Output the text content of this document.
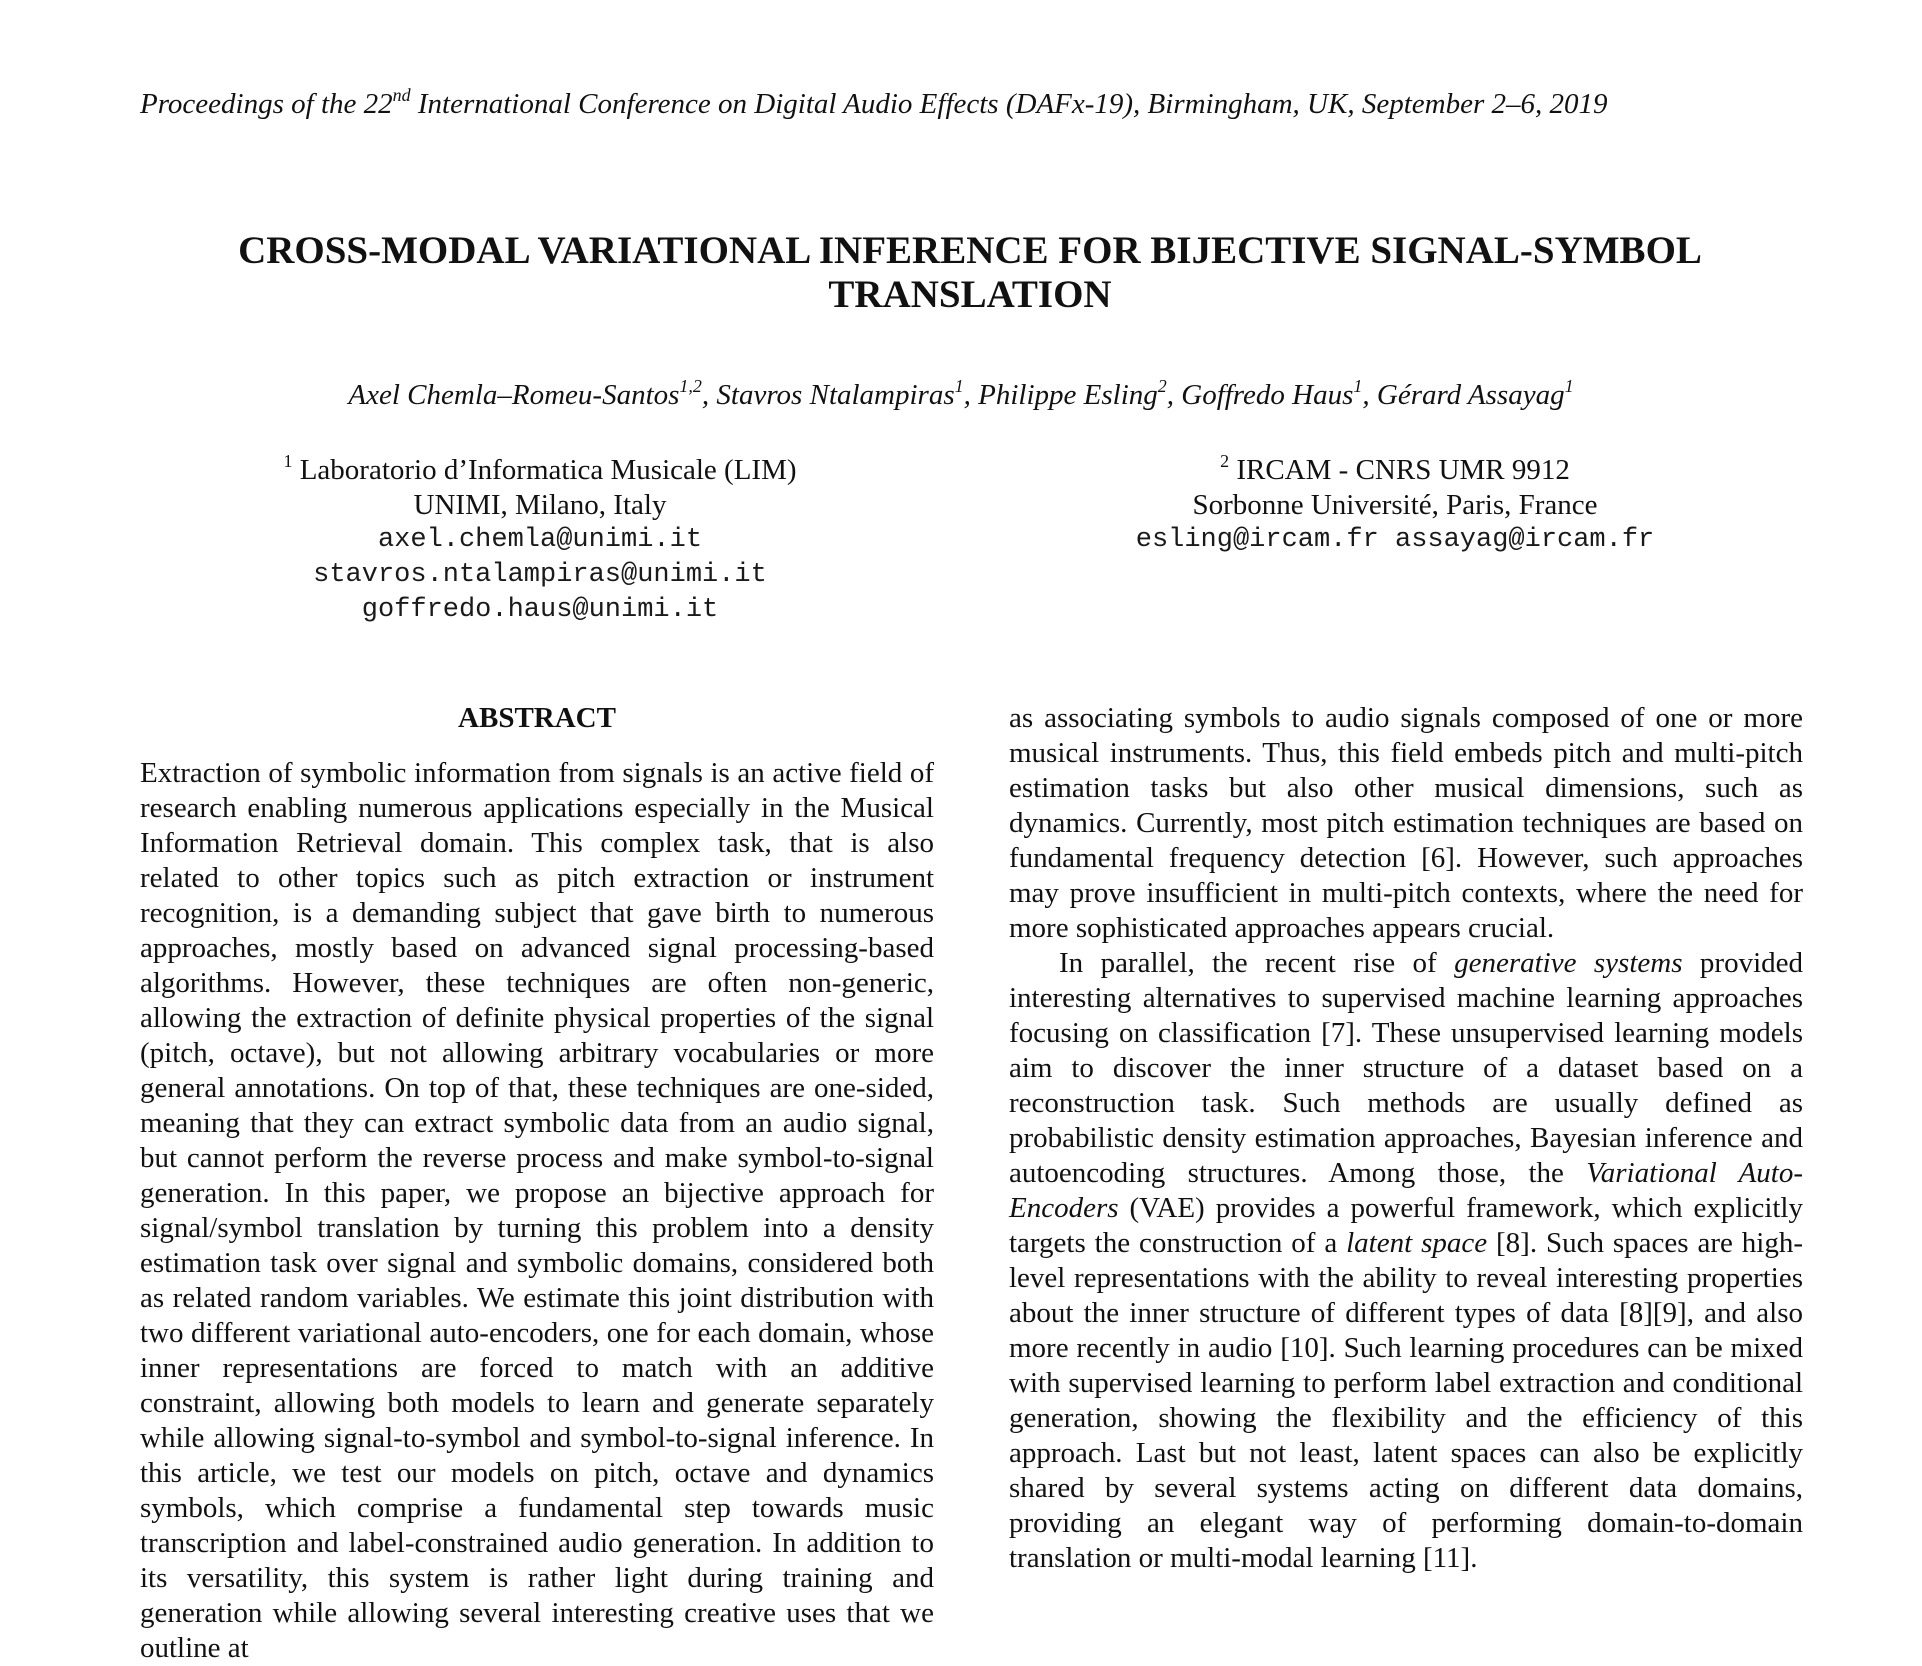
Proceedings of the 22nd International Conference on Digital Audio Effects (DAFx-19), Birmingham, UK, September 2–6, 2019
CROSS-MODAL VARIATIONAL INFERENCE FOR BIJECTIVE SIGNAL-SYMBOL
TRANSLATION
Axel Chemla–Romeu-Santos$^{1,2}$, Stavros Ntalampiras$^1$, Philippe Esling$^2$, Goffredo Haus$^1$, Gérard Assayag$^1$
$^1$ Laboratorio d’Informatica Musicale (LIM)
UNIMI, Milano, Italy
axel.chemla@unimi.it
stavros.ntalampiras@unimi.it
goffredo.haus@unimi.it
$^2$ IRCAM - CNRS UMR 9912
Sorbonne Université, Paris, France
esling@ircam.fr assayag@ircam.fr
ABSTRACT

Extraction of symbolic information from signals is an active field of research enabling numerous applications especially in the Musical Information Retrieval domain. This complex task, that is also related to other topics such as pitch extraction or instrument recognition, is a demanding subject that gave birth to numerous approaches, mostly based on advanced signal processing-based algorithms. However, these techniques are often non-generic, allowing the extraction of definite physical properties of the signal (pitch, octave), but not allowing arbitrary vocabularies or more general annotations. On top of that, these techniques are one-sided, meaning that they can extract symbolic data from an audio signal, but cannot perform the reverse process and make symbol-to-signal generation. In this paper, we propose an bijective approach for signal/symbol translation by turning this problem into a density estimation task over signal and symbolic domains, considered both as related random variables. We estimate this joint distribution with two different variational auto-encoders, one for each domain, whose inner representations are forced to match with an additive constraint, allowing both models to learn and generate separately while allowing signal-to-symbol and symbol-to-signal inference. In this article, we test our models on pitch, octave and dynamics symbols, which comprise a fundamental step towards music transcription and label-constrained audio generation. In addition to its versatility, this system is rather light during training and generation while allowing several interesting creative uses that we outline at

as associating symbols to audio signals composed of one or more musical instruments. Thus, this field embeds pitch and multi-pitch estimation tasks but also other musical dimensions, such as dynamics. Currently, most pitch estimation techniques are based on fundamental frequency detection [6]. However, such approaches may prove insufficient in multi-pitch contexts, where the need for more sophisticated approaches appears crucial.

In parallel, the recent rise of generative systems provided interesting alternatives to supervised machine learning approaches focusing on classification [7]. These unsupervised learning models aim to discover the inner structure of a dataset based on a reconstruction task. Such methods are usually defined as probabilistic density estimation approaches, Bayesian inference and autoencoding structures. Among those, the Variational Auto-Encoders (VAE) provides a powerful framework, which explicitly targets the construction of a latent space [8]. Such spaces are high-level representations with the ability to reveal interesting properties about the inner structure of different types of data [8][9], and also more recently in audio [10]. Such learning procedures can be mixed with supervised learning to perform label extraction and conditional generation, showing the flexibility and the efficiency of this approach. Last but not least, latent spaces can also be explicitly shared by several systems acting on different data domains, providing an elegant way of performing domain-to-domain translation or multi-modal learning [11].
